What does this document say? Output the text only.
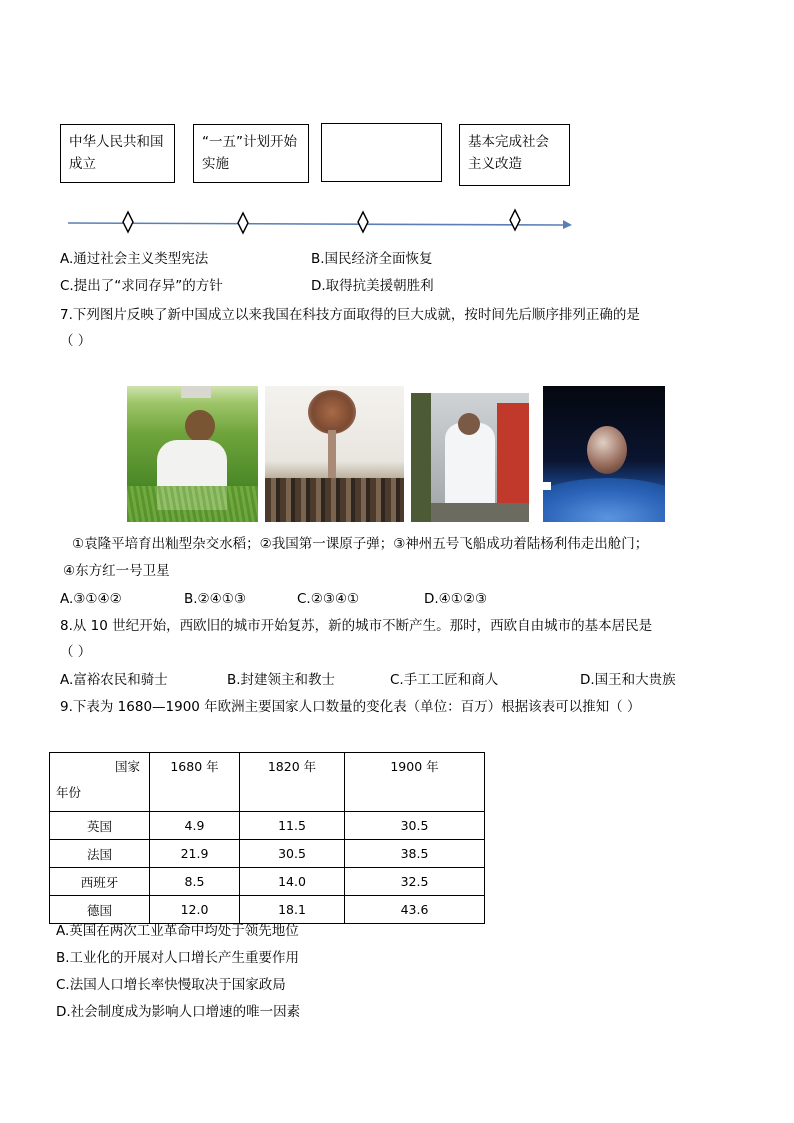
中华人民共和国成立
“一五”计划开始实施
基本完成社会主义改造
A.通过社会主义类型宪法	B.国民经济全面恢复
C.提出了“求同存异”的方针	D.取得抗美援朝胜利
7.下列图片反映了新中国成立以来我国在科技方面取得的巨大成就，按时间先后顺序排列正确的是
（ ）
①袁隆平培育出籼型杂交水稻；②我国第一课原子弹；③神州五号飞船成功着陆杨利伟走出舱门；
④东方红一号卫星
A.③①④②	B.②④①③	C.②③④①	D.④①②③
8.从 10 世纪开始，西欧旧的城市开始复苏，新的城市不断产生。那时，西欧自由城市的基本居民是
（ ）
A.富裕农民和骑士	B.封建领主和教士	C.手工工匠和商人	D.国王和大贵族
9.下表为 1680—1900 年欧洲主要国家人口数量的变化表（单位：百万）根据该表可以推知（ ）
国家
年份	1680 年	1820 年	1900 年
英国	4.9	11.5	30.5
法国	21.9	30.5	38.5
西班牙	8.5	14.0	32.5
德国	12.0	18.1	43.6
A.英国在两次工业革命中均处于领先地位
B.工业化的开展对人口增长产生重要作用
C.法国人口增长率快慢取决于国家政局
D.社会制度成为影响人口增速的唯一因素
